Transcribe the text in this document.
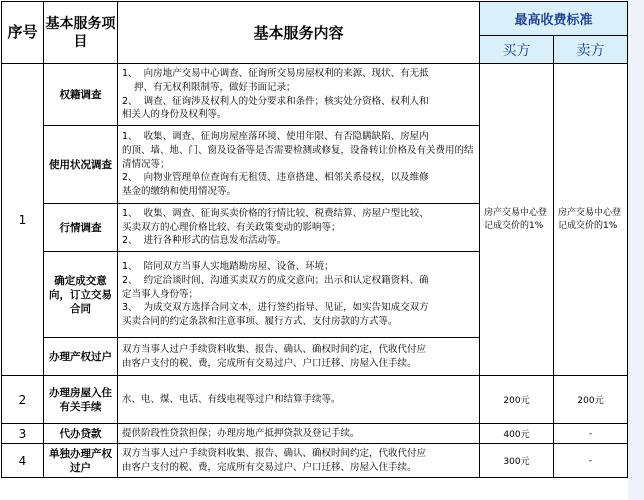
序号	基本服务项目	基本服务内容	最高收费标准	
			买方	卖方
1	权籍调查	1、 向房地产交易中心调查、征询所交易房屋权利的来源、现状、有无抵
押、有无权利限制等，做好书面记录；
2、 调查、征询涉及权利人的处分要求和条件；核实处分资格、权利人和
相关人的身份及权利等。	房产交易中心登记成交价的1%	房产交易中心登记成交价的1%
	使用状况调查	1、 收集、调查、征询房屋座落环境、使用年限、有否隐瞒缺陷、房屋内
的顶、墙、地、门、窗及设备等是否需要检测或修复，设备转让价格及有关费用的结清情况等；
2、 向物业管理单位查询有无租赁、违章搭建、相邻关系侵权，以及维修
基金的缴纳和使用情况等。		

	行情调查	1、 收集、调查、征询买卖价格的行情比较、税费结算、房屋户型比较、
买卖双方的心理价格比较、有关政策变动的影响等；
2、 进行各种形式的信息发布活动等。		

	确定成交意向，订立交易合同	1、 陪同双方当事人实地踏勘房屋、设备、环境；
2、 约定洽谈时间、沟通买卖双方的成交意向；出示和认定权籍资料、确
定当事人身份等；
3、 为成交双方选择合同文本，进行签约指导、见证，如实告知成交双方
买卖合同的约定条款和注意事项、履行方式、支付房款的方式等。		

	办理产权过户	双方当事人过户手续资料收集、报告、确认、确权时间约定，代收代付应
由客户支付的税、费，完成所有交易过户、户口迁移、房屋入住手续。		

2	办理房屋入住有关手续	水、电、煤、电话、有线电视等过户和结算手续等。	200元	200元
3	代办贷款	提供阶段性贷款担保；办理房地产抵押贷款及登记手续。	400元	-
4	单独办理产权过户	双方当事人过户手续资料收集、报告、确认、确权时间约定，代收代付应
由客户支付的税、费，完成所有交易过户、户口迁移、房屋入住手续。	300元	-
